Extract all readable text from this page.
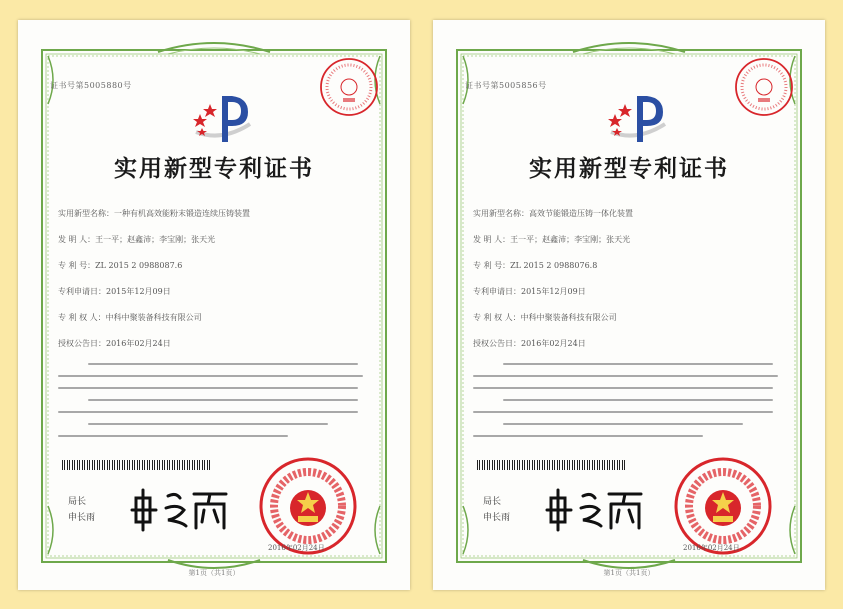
证书号第5005880号
实用新型专利证书
实用新型名称：一种有机高效能粉末锻造连续压铸装置
发 明 人：王一平；赵鑫沛；李宝刚；张天光
专 利 号：ZL 2015 2 0988087.6
专利申请日：2015年12月09日
专 利 权 人：中科中聚装备科技有限公司
授权公告日：2016年02月24日
局长
申长雨
2016年02月24日
第1页（共1页）
证书号第5005856号
实用新型专利证书
实用新型名称：高效节能锻造压铸一体化装置
发 明 人：王一平；赵鑫沛；李宝刚；张天光
专 利 号：ZL 2015 2 0988076.8
专利申请日：2015年12月09日
专 利 权 人：中科中聚装备科技有限公司
授权公告日：2016年02月24日
局长
申长雨
2016年02月24日
第1页（共1页）
